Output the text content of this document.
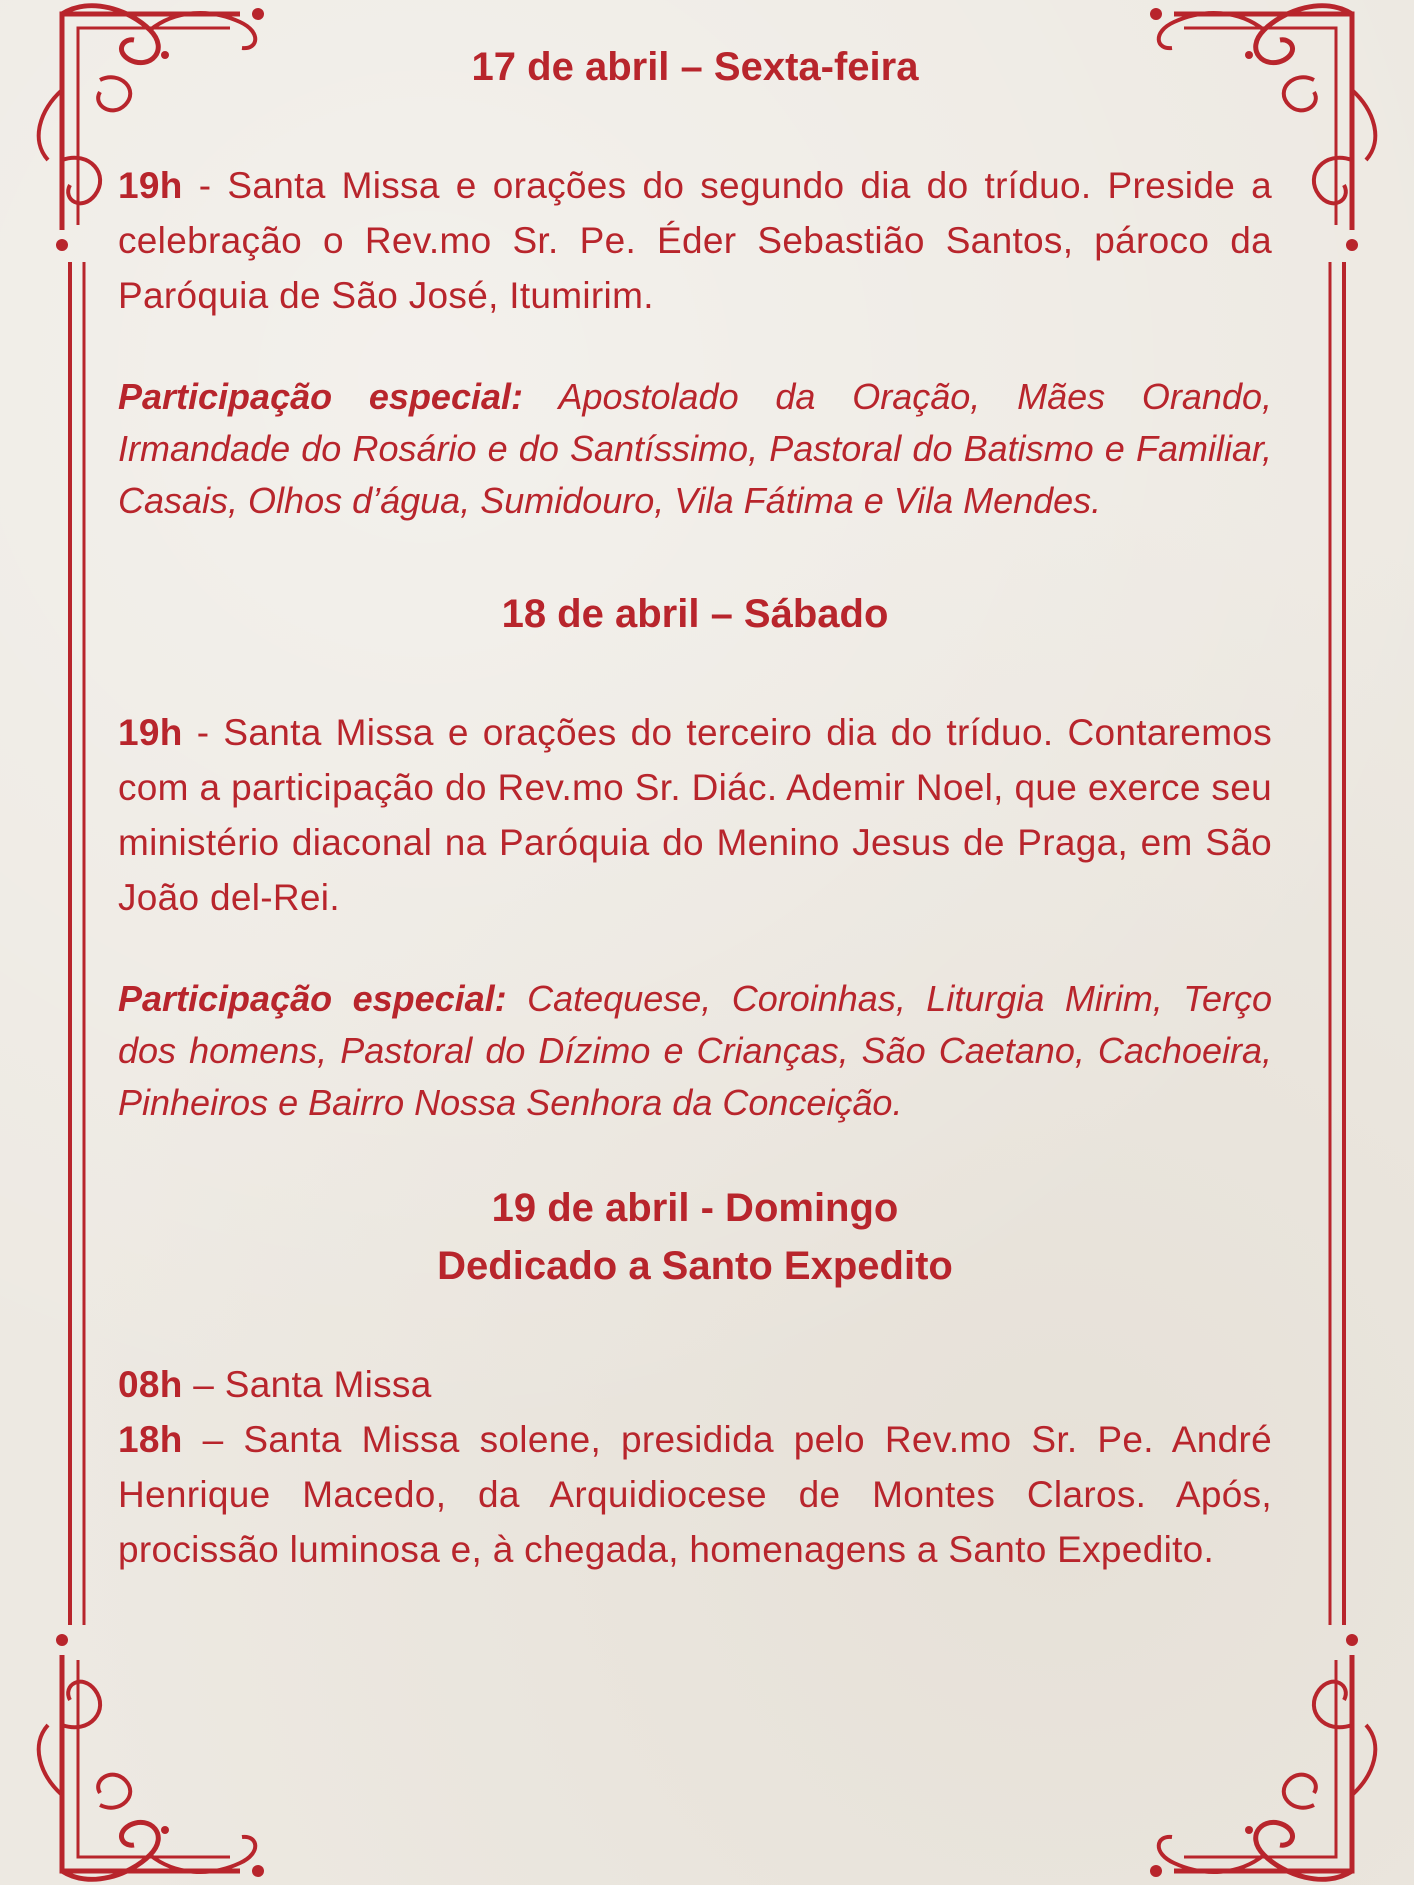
17 de abril – Sexta-feira

19h - Santa Missa e orações do segundo dia do tríduo. Preside a celebração o Rev.mo Sr. Pe. Éder Sebastião Santos, pároco da Paróquia de São José, Itumirim.

Participação especial: Apostolado da Oração, Mães Orando, Irmandade do Rosário e do Santíssimo, Pastoral do Batismo e Familiar, Casais, Olhos d’água, Sumidouro, Vila Fátima e Vila Mendes.

18 de abril – Sábado

19h - Santa Missa e orações do terceiro dia do tríduo. Contaremos com a participação do Rev.mo Sr. Diác. Ademir Noel, que exerce seu ministério diaconal na Paróquia do Menino Jesus de Praga, em São João del-Rei.

Participação especial: Catequese, Coroinhas, Liturgia Mirim, Terço dos homens, Pastoral do Dízimo e Crianças, São Caetano, Cachoeira, Pinheiros e Bairro Nossa Senhora da Conceição.

19 de abril - Domingo
Dedicado a Santo Expedito

08h – Santa Missa

18h – Santa Missa solene, presidida pelo Rev.mo Sr. Pe. André Henrique Macedo, da Arquidiocese de Montes Claros. Após, procissão luminosa e, à chegada, homenagens a Santo Expedito.
